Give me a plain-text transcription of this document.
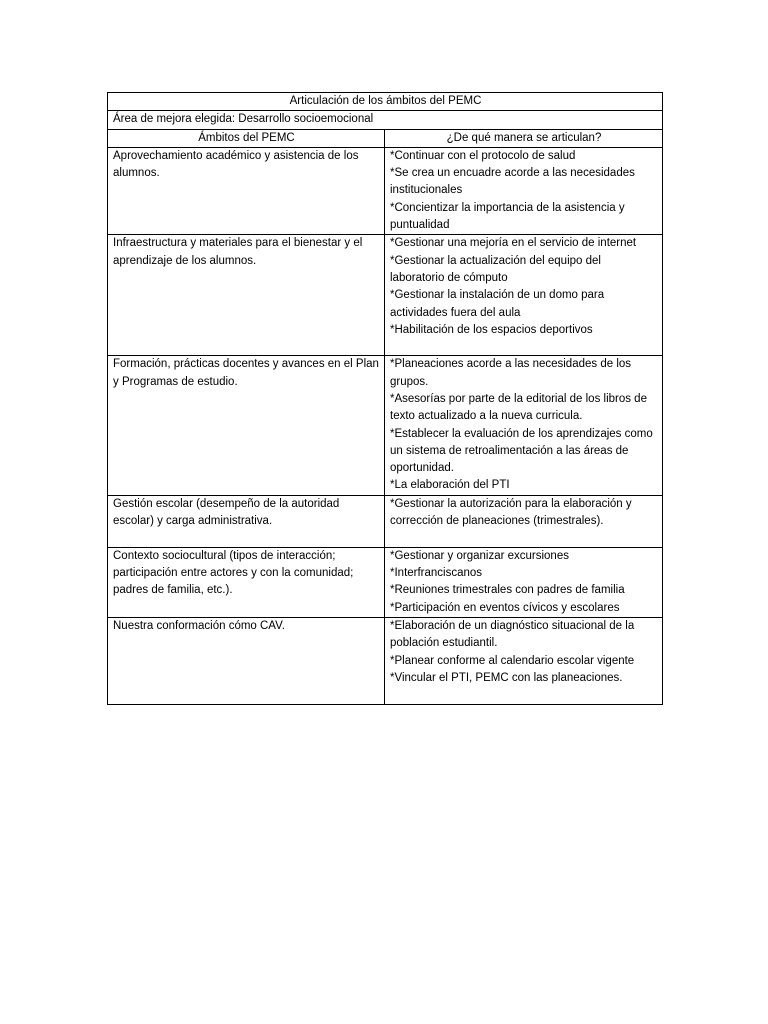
Articulación de los ámbitos del PEMC	
Área de mejora elegida: Desarrollo socioemocional	
Ámbitos del PEMC	¿De qué manera se articulan?
Aprovechamiento académico y asistencia de los alumnos.	*Continuar con el protocolo de salud
*Se crea un encuadre acorde a las necesidades institucionales
*Concientizar la importancia de la asistencia y puntualidad

Infraestructura y materiales para el bienestar y el aprendizaje de los alumnos.	*Gestionar una mejoría en el servicio de internet
*Gestionar la actualización del equipo del laboratorio de cómputo
*Gestionar la instalación de un domo para actividades fuera del aula
*Habilitación de los espacios deportivos

Formación, prácticas docentes y avances en el Plan y Programas de estudio.	*Planeaciones acorde a las necesidades de los grupos.
*Asesorías por parte de la editorial de los libros de texto actualizado a la nueva curricula.
*Establecer la evaluación de los aprendizajes como un sistema de retroalimentación a las áreas de oportunidad.
*La elaboración del PTI

Gestión escolar (desempeño de la autoridad escolar) y carga administrativa.	*Gestionar la autorización para la elaboración y corrección de planeaciones (trimestrales).

Contexto sociocultural (tipos de interacción; participación entre actores y con la comunidad; padres de familia, etc.).	*Gestionar y organizar excursiones
*Interfranciscanos
*Reuniones trimestrales con padres de familia
*Participación en eventos cívicos y escolares

Nuestra conformación cómo CAV.	*Elaboración de un diagnóstico situacional de la población estudiantil.
*Planear conforme al calendario escolar vigente
*Vincular el PTI, PEMC con las planeaciones.
